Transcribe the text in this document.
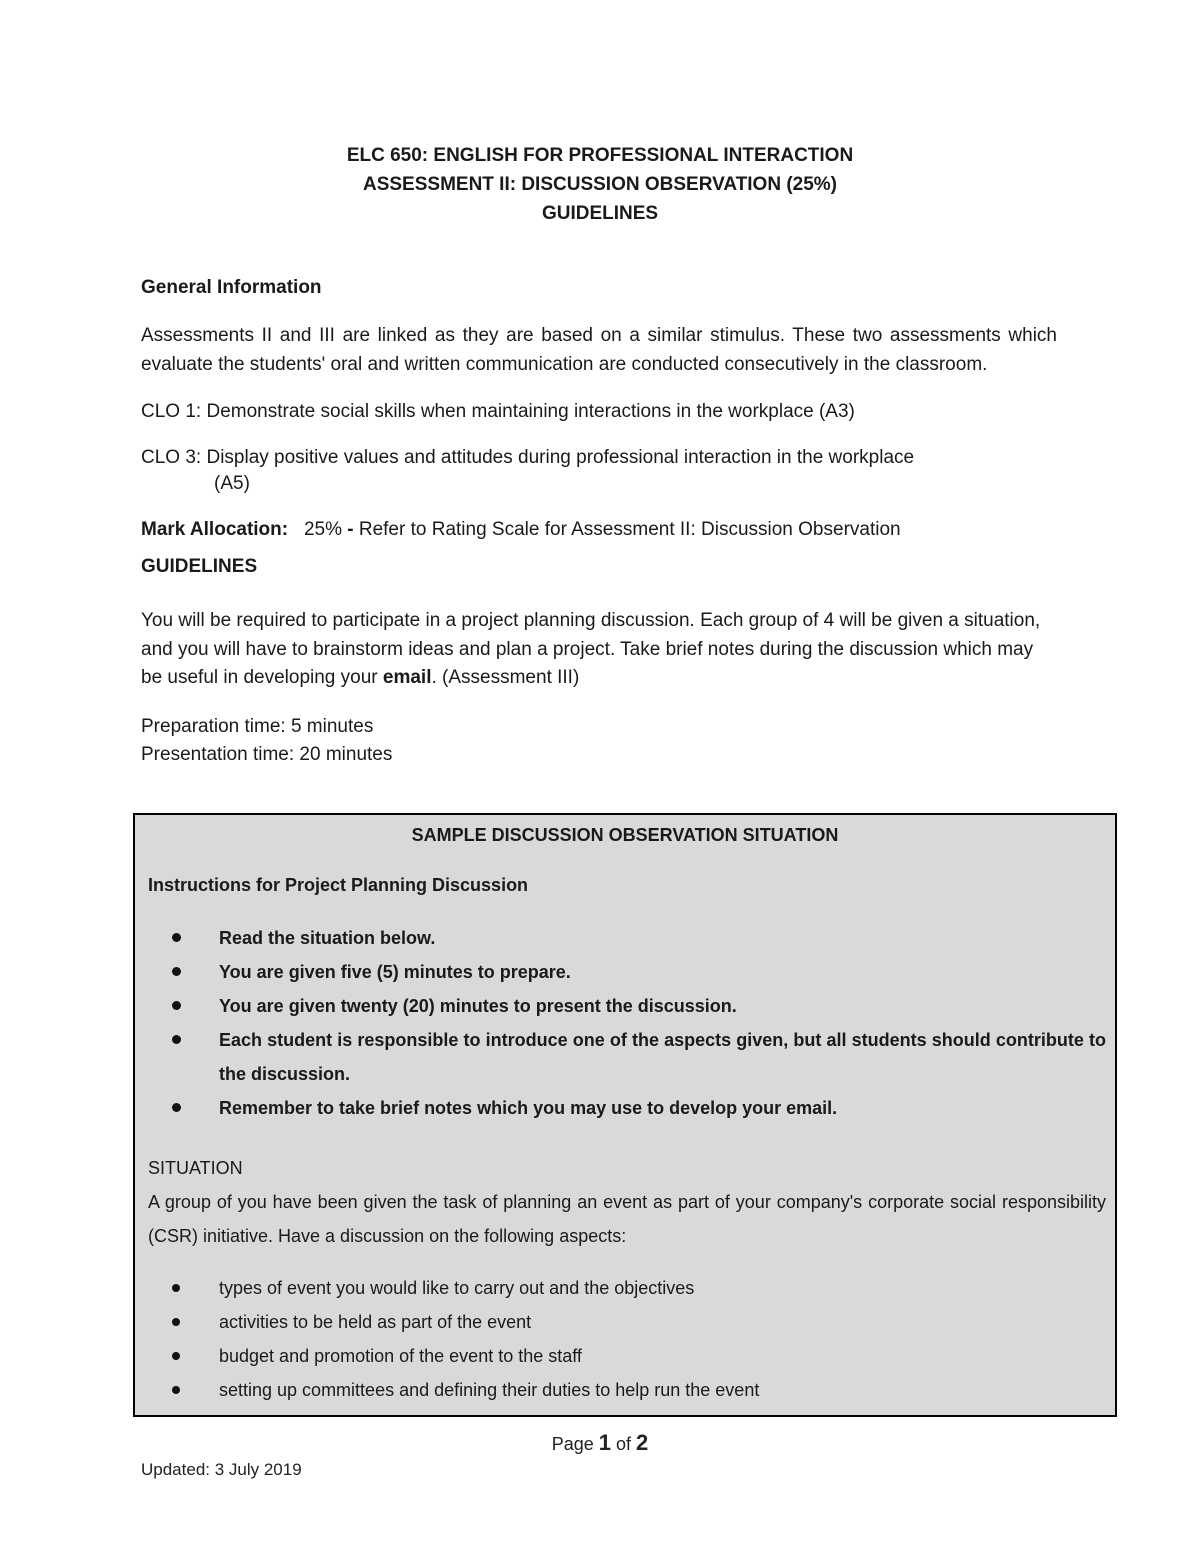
ELC 650: ENGLISH FOR PROFESSIONAL INTERACTION

ASSESSMENT II: DISCUSSION OBSERVATION (25%)

GUIDELINES

General Information

Assessments II and III are linked as they are based on a similar stimulus. These two assessments which evaluate the students' oral and written communication are conducted consecutively in the classroom.

CLO 1: Demonstrate social skills when maintaining interactions in the workplace (A3)

CLO 3: Display positive values and attitudes during professional interaction in the workplace

(A5)

Mark Allocation: 25% - Refer to Rating Scale for Assessment II: Discussion Observation

GUIDELINES

You will be required to participate in a project planning discussion. Each group of 4 will be given a situation, and you will have to brainstorm ideas and plan a project. Take brief notes during the discussion which may be useful in developing your email. (Assessment III)

Preparation time: 5 minutes

Presentation time: 20 minutes

SAMPLE DISCUSSION OBSERVATION SITUATION
Instructions for Project Planning Discussion
Read the situation below.
You are given five (5) minutes to prepare.
You are given twenty (20) minutes to present the discussion.
Each student is responsible to introduce one of the aspects given, but all students should contribute to the discussion.
Remember to take brief notes which you may use to develop your email.

SITUATION

A group of you have been given the task of planning an event as part of your company's corporate social responsibility (CSR) initiative. Have a discussion on the following aspects:

types of event you would like to carry out and the objectives
activities to be held as part of the event
budget and promotion of the event to the staff
setting up committees and defining their duties to help run the event
Page 1 of 2
Updated: 3 July 2019
